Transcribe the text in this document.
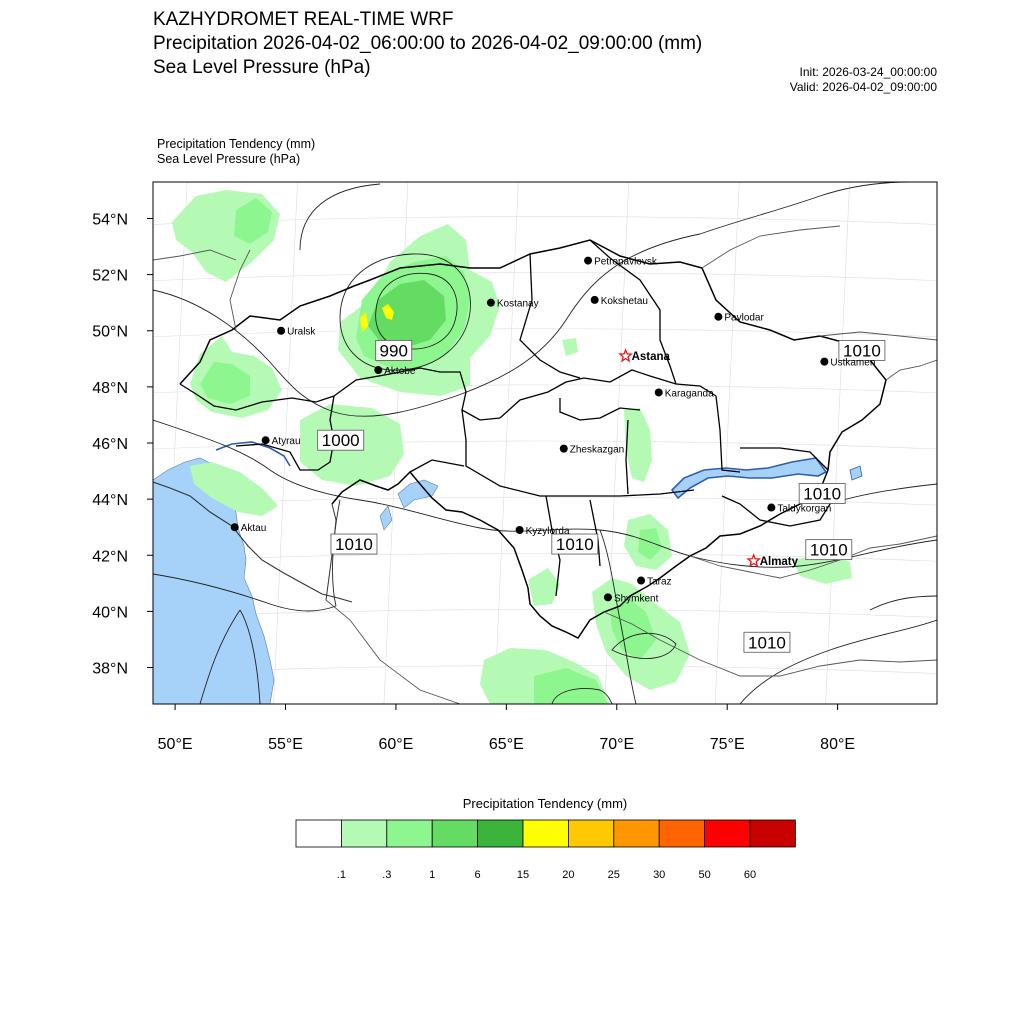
KAZHYDROMET REAL-TIME WRF
Precipitation 2026-04-02_06:00:00 to 2026-04-02_09:00:00 (mm)
Sea Level Pressure (hPa)	Init: 2026-03-24_00:00:00
Valid: 2026-04-02_09:00:00
Precipitation Tendency (mm)
Sea Level Pressure (hPa)
990
1000
1010	1010
1010
1010
1010
1010
Petropavlovsk
Kostanay	Kokshetau
Pavlodar
Uralsk
Astana
Aktobe
Ustkamen
Karaganda
Atyrau
Zheskazgan
Aktau	Kyzylorda
Taldykorgan
Almaty
Taraz
Shymkent
50°E	55°E	60°E	65°E	70°E	75°E	80°E
54°N
52°N
50°N
48°N
46°N
44°N
42°N
40°N
38°N
.1	.3	1	6	15	20	25	30	50	60
Precipitation Tendency (mm)
